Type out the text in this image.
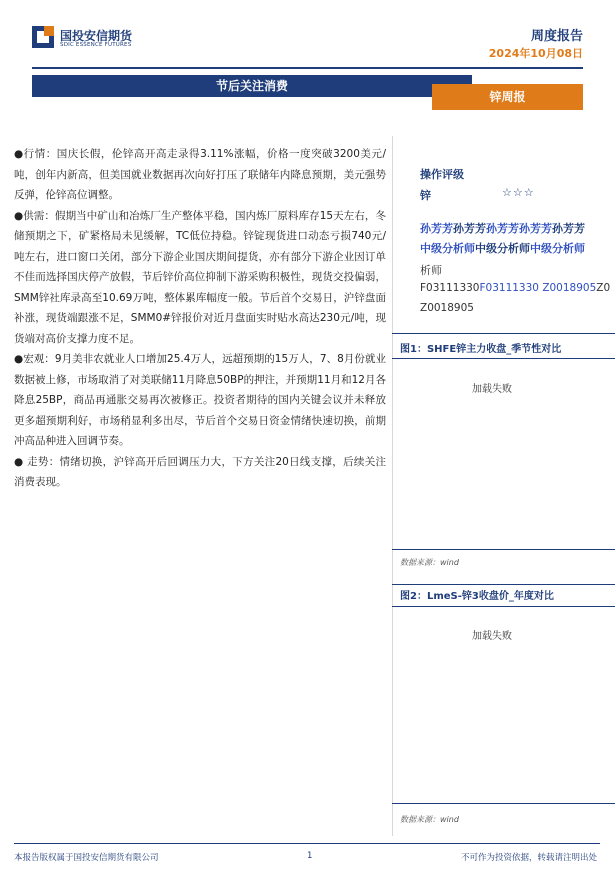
国投安信期货
SDIC ESSENCE FUTURES
周度报告
2024年10月08日
节后关注消费
锌周报

●行情：国庆长假，伦锌高开高走录得3.11%涨幅，价格一度突破3200美元/吨，创年内新高，但美国就业数据再次向好打压了联储年内降息预期，美元强势反弹，伦锌高位调整。

●供需：假期当中矿山和冶炼厂生产整体平稳，国内炼厂原料库存15天左右，冬储预期之下，矿紧格局未见缓解，TC低位持稳。锌锭现货进口动态亏损740元/吨左右，进口窗口关闭，部分下游企业国庆期间提货，亦有部分下游企业因订单不佳而选择国庆停产放假，节后锌价高位抑制下游采购积极性，现货交投偏弱，SMM锌社库录高至10.69万吨，整体累库幅度一般。节后首个交易日，沪锌盘面补涨，现货端跟涨不足，SMM0#锌报价对近月盘面实时贴水高达230元/吨，现货端对高价支撑力度不足。

●宏观：9月美非农就业人口增加25.4万人，远超预期的15万人，7、8月份就业数据被上修，市场取消了对美联储11月降息50BP的押注，并预期11月和12月各降息25BP，商品再通胀交易再次被修正。投资者期待的国内关键会议并未释放更多超预期利好，市场稍显利多出尽，节后首个交易日资金情绪快速切换，前期冲高品种进入回调节奏。

● 走势：情绪切换，沪锌高开后回调压力大，下方关注20日线支撑，后续关注消费表现。

操作评级
锌	☆☆☆
孙芳芳孙芳芳孙芳芳孙芳芳孙芳芳
中级分析师中级分析师中级分析师
析师
F03111330F03111330 Z0018905Z0
Z0018905
图1：SHFE锌主力收盘_季节性对比
加载失败
数据来源：wind
图2：LmeS-锌3收盘价_年度对比
加载失败
数据来源：wind
本报告版权属于国投安信期货有限公司	1	不可作为投资依据，转载请注明出处
